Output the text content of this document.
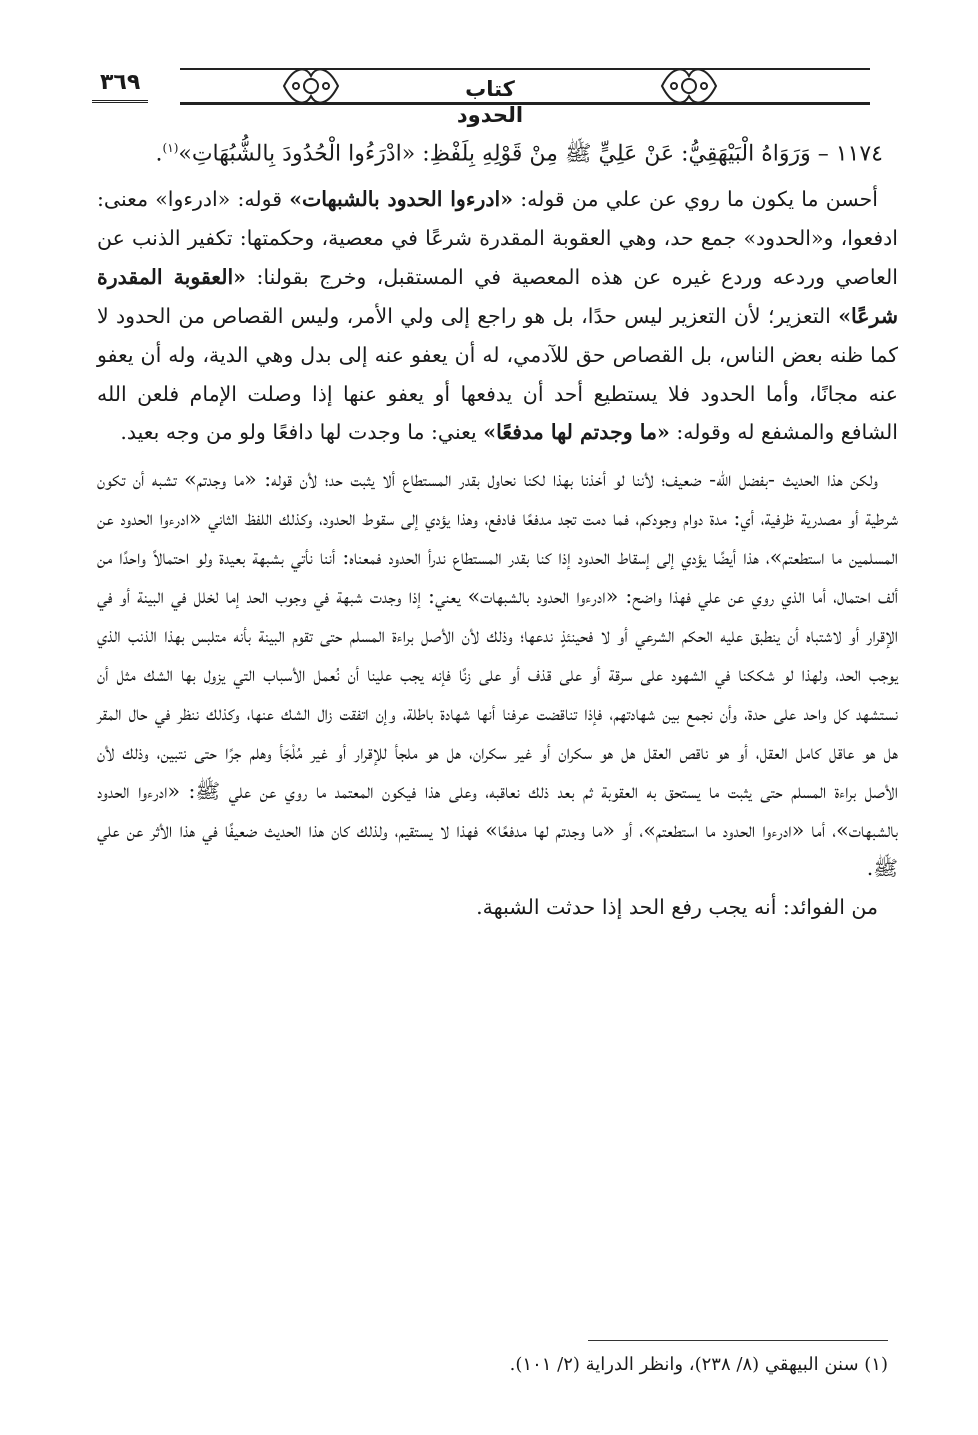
٣٦٩	كتاب الحدود
١١٧٤ – وَرَوَاهُ الْبَيْهَقِيُّ: عَنْ عَلِيٍّ ﷺ مِنْ قَوْلِهِ بِلَفْظِ: «ادْرَءُوا الْحُدُودَ بِالشُّبُهَاتِ»$^{(١)}$.

أحسن ما يكون ما روي عن علي من قوله: «ادرءوا الحدود بالشبهات» قوله: «ادرءوا» معنى: ادفعوا، و«الحدود» جمع حد، وهي العقوبة المقدرة شرعًا في معصية، وحكمتها: تكفير الذنب عن العاصي وردعه وردع غيره عن هذه المعصية في المستقبل، وخرج بقولنا: «العقوبة المقدرة شرعًا» التعزير؛ لأن التعزير ليس حدًا، بل هو راجع إلى ولي الأمر، وليس القصاص من الحدود لا كما ظنه بعض الناس، بل القصاص حق للآدمي، له أن يعفو عنه إلى بدل وهي الدية، وله أن يعفو عنه مجانًا، وأما الحدود فلا يستطيع أحد أن يدفعها أو يعفو عنها إذا وصلت الإمام فلعن الله الشافع والمشفع له وقوله: «ما وجدتم لها مدفعًا» يعني: ما وجدت لها دافعًا ولو من وجه بعيد.

ولكن هذا الحديث -بفضل الله- ضعيف؛ لأننا لو أخذنا بهذا لكنا نحاول بقدر المستطاع ألا يثبت حد؛ لأن قوله: «ما وجدتم» تشبه أن تكون شرطية أو مصدرية ظرفية، أي: مدة دوام وجودكم، فما دمت تجد مدفعًا فادفع، وهذا يؤدي إلى سقوط الحدود، وكذلك اللفظ الثاني «ادرءوا الحدود عن المسلمين ما استطعتم»، هذا أيضًا يؤدي إلى إسقاط الحدود إذا كنا بقدر المستطاع ندرأ الحدود فمعناه: أننا نأتي بشبهة بعيدة ولو احتمالاً واحدًا من ألف احتمال، أما الذي روي عن علي فهذا واضح: «ادرءوا الحدود بالشبهات» يعني: إذا وجدت شبهة في وجوب الحد إما لخلل في البينة أو في الإقرار أو لاشتباه أن ينطبق عليه الحكم الشرعي أو لا فحينئذٍ ندعها؛ وذلك لأن الأصل براءة المسلم حتى تقوم البينة بأنه متلبس بهذا الذنب الذي يوجب الحد، ولهذا لو شككنا في الشهود على سرقة أو على قذف أو على زنًا فإنه يجب علينا أن نُعمل الأسباب التي يزول بها الشك مثل أن نستشهد كل واحد على حدة، وأن نجمع بين شهادتهم، فإذا تناقضت عرفنا أنها شهادة باطلة، وإن اتفقت زال الشك عنها، وكذلك ننظر في حال المقر هل هو عاقل كامل العقل، أو هو ناقص العقل هل هو سكران أو غير سكران، هل هو ملجأ للإقرار أو غير مُلْجَأ وهلم جرًا حتى نتبين، وذلك لأن الأصل براءة المسلم حتى يثبت ما يستحق به العقوبة ثم بعد ذلك نعاقبه، وعلى هذا فيكون المعتمد ما روي عن علي ﷺ: «ادرءوا الحدود بالشبهات»، أما «ادرءوا الحدود ما استطعتم»، أو «ما وجدتم لها مدفعًا» فهذا لا يستقيم، ولذلك كان هذا الحديث ضعيفًا في هذا الأثر عن علي ﷺ.

من الفوائد: أنه يجب رفع الحد إذا حدثت الشبهة.

(١) سنن البيهقي (٨/ ٢٣٨)، وانظر الدراية (٢/ ١٠١).
